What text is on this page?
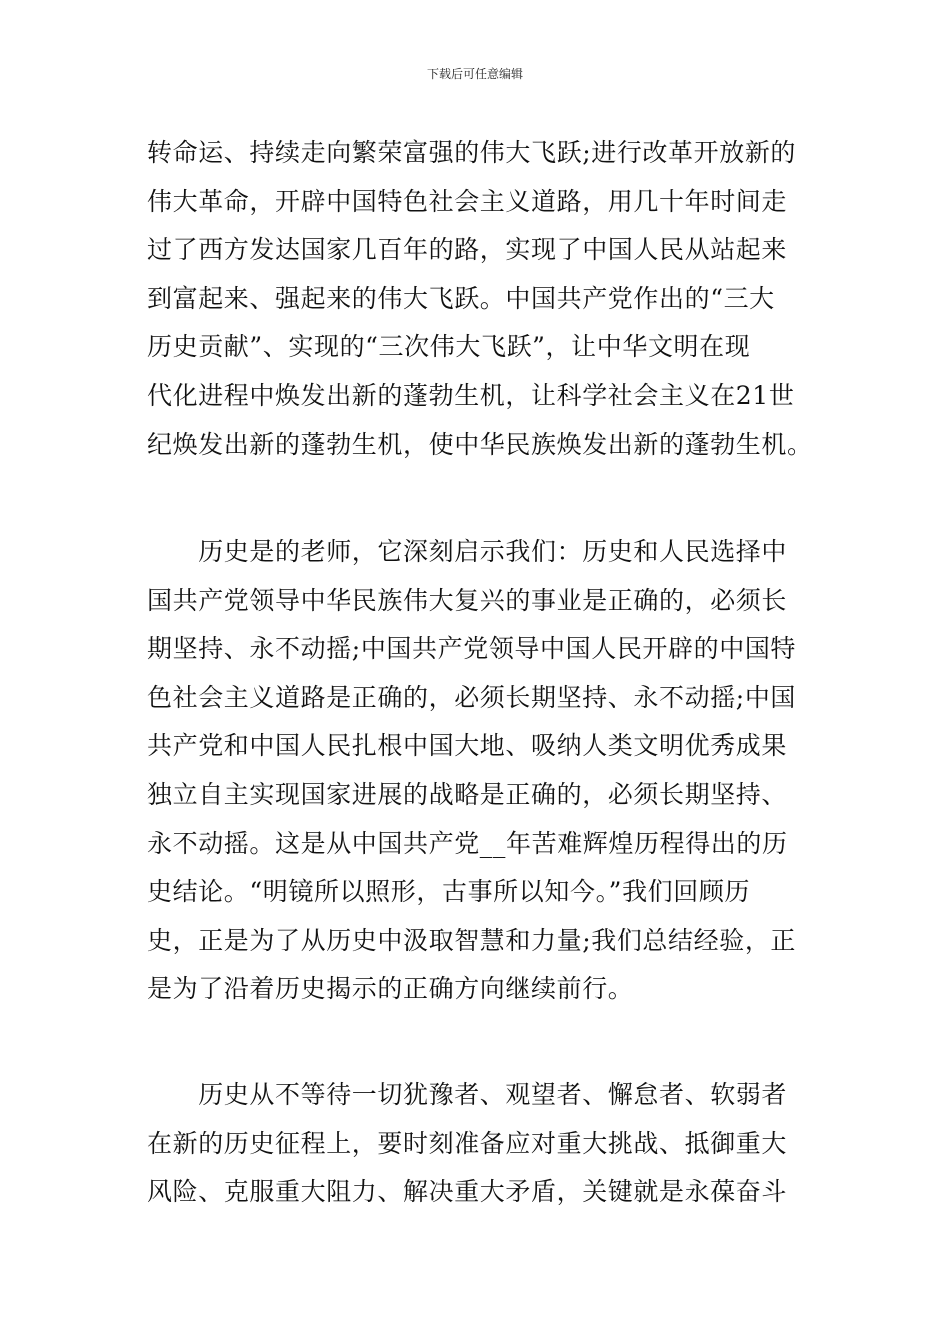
下载后可任意编辑
转命运、持续走向繁荣富强的伟大飞跃;进行改革开放新的
伟大革命，开辟中国特色社会主义道路，用几十年时间走
过了西方发达国家几百年的路，实现了中国人民从站起来
到富起来、强起来的伟大飞跃。中国共产党作出的“三大
历史贡献”、实现的“三次伟大飞跃”，让中华文明在现
代化进程中焕发出新的蓬勃生机，让科学社会主义在21世
纪焕发出新的蓬勃生机，使中华民族焕发出新的蓬勃生机。
　　历史是的老师，它深刻启示我们：历史和人民选择中
国共产党领导中华民族伟大复兴的事业是正确的，必须长
期坚持、永不动摇;中国共产党领导中国人民开辟的中国特
色社会主义道路是正确的，必须长期坚持、永不动摇;中国
共产党和中国人民扎根中国大地、吸纳人类文明优秀成果
独立自主实现国家进展的战略是正确的，必须长期坚持、
永不动摇。这是从中国共产党__年苦难辉煌历程得出的历
史结论。“明镜所以照形，古事所以知今。”我们回顾历
史，正是为了从历史中汲取智慧和力量;我们总结经验，正
是为了沿着历史揭示的正确方向继续前行。
　　历史从不等待一切犹豫者、观望者、懈怠者、软弱者
在新的历史征程上，要时刻准备应对重大挑战、抵御重大
风险、克服重大阻力、解决重大矛盾，关键就是永葆奋斗
